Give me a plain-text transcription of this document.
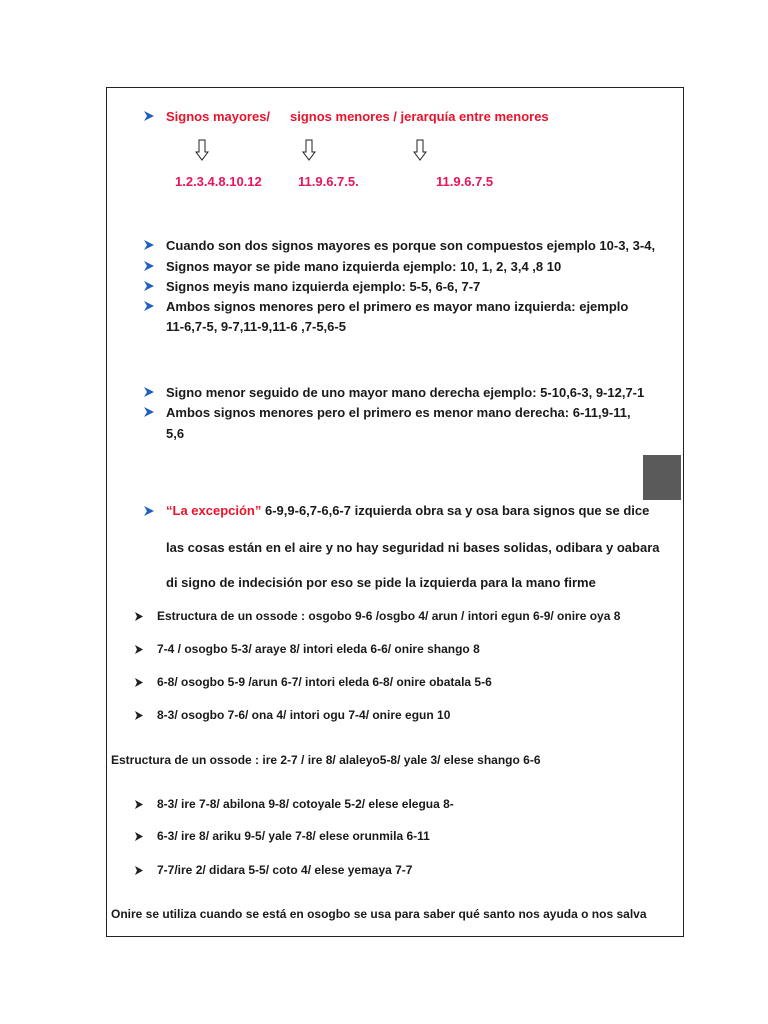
Signos mayores/ signos menores / jerarquía entre menores
1.2.3.4.8.10.12	11.9.6.7.5.	11.9.6.7.5
Cuando son dos signos mayores es porque son compuestos ejemplo 10-3, 3-4,
Signos mayor se pide mano izquierda ejemplo: 10, 1, 2, 3,4 ,8 10
Signos meyis mano izquierda ejemplo: 5-5, 6-6, 7-7
Ambos signos menores pero el primero es mayor mano izquierda: ejemplo
11-6,7-5, 9-7,11-9,11-6 ,7-5,6-5
Signo menor seguido de uno mayor mano derecha ejemplo: 5-10,6-3, 9-12,7-1
Ambos signos menores pero el primero es menor mano derecha: 6-11,9-11,
5,6
“La excepción” 6-9,9-6,7-6,6-7 izquierda obra sa y osa bara signos que se dice
las cosas están en el aire y no hay seguridad ni bases solidas, odibara y oabara
di signo de indecisión por eso se pide la izquierda para la mano firme
Estructura de un ossode : osgobo 9-6 /osgbo 4/ arun / intori egun 6-9/ onire oya 8
7-4 / osogbo 5-3/ araye 8/ intori eleda 6-6/ onire shango 8
6-8/ osogbo 5-9 /arun 6-7/ intori eleda 6-8/ onire obatala 5-6
8-3/ osogbo 7-6/ ona 4/ intori ogu 7-4/ onire egun 10
Estructura de un ossode : ire 2-7 / ire 8/ alaleyo5-8/ yale 3/ elese shango 6-6
8-3/ ire 7-8/ abilona 9-8/ cotoyale 5-2/ elese elegua 8-
6-3/ ire 8/ ariku 9-5/ yale 7-8/ elese orunmila 6-11
7-7/ire 2/ didara 5-5/ coto 4/ elese yemaya 7-7
Onire se utiliza cuando se está en osogbo se usa para saber qué santo nos ayuda o nos salva
